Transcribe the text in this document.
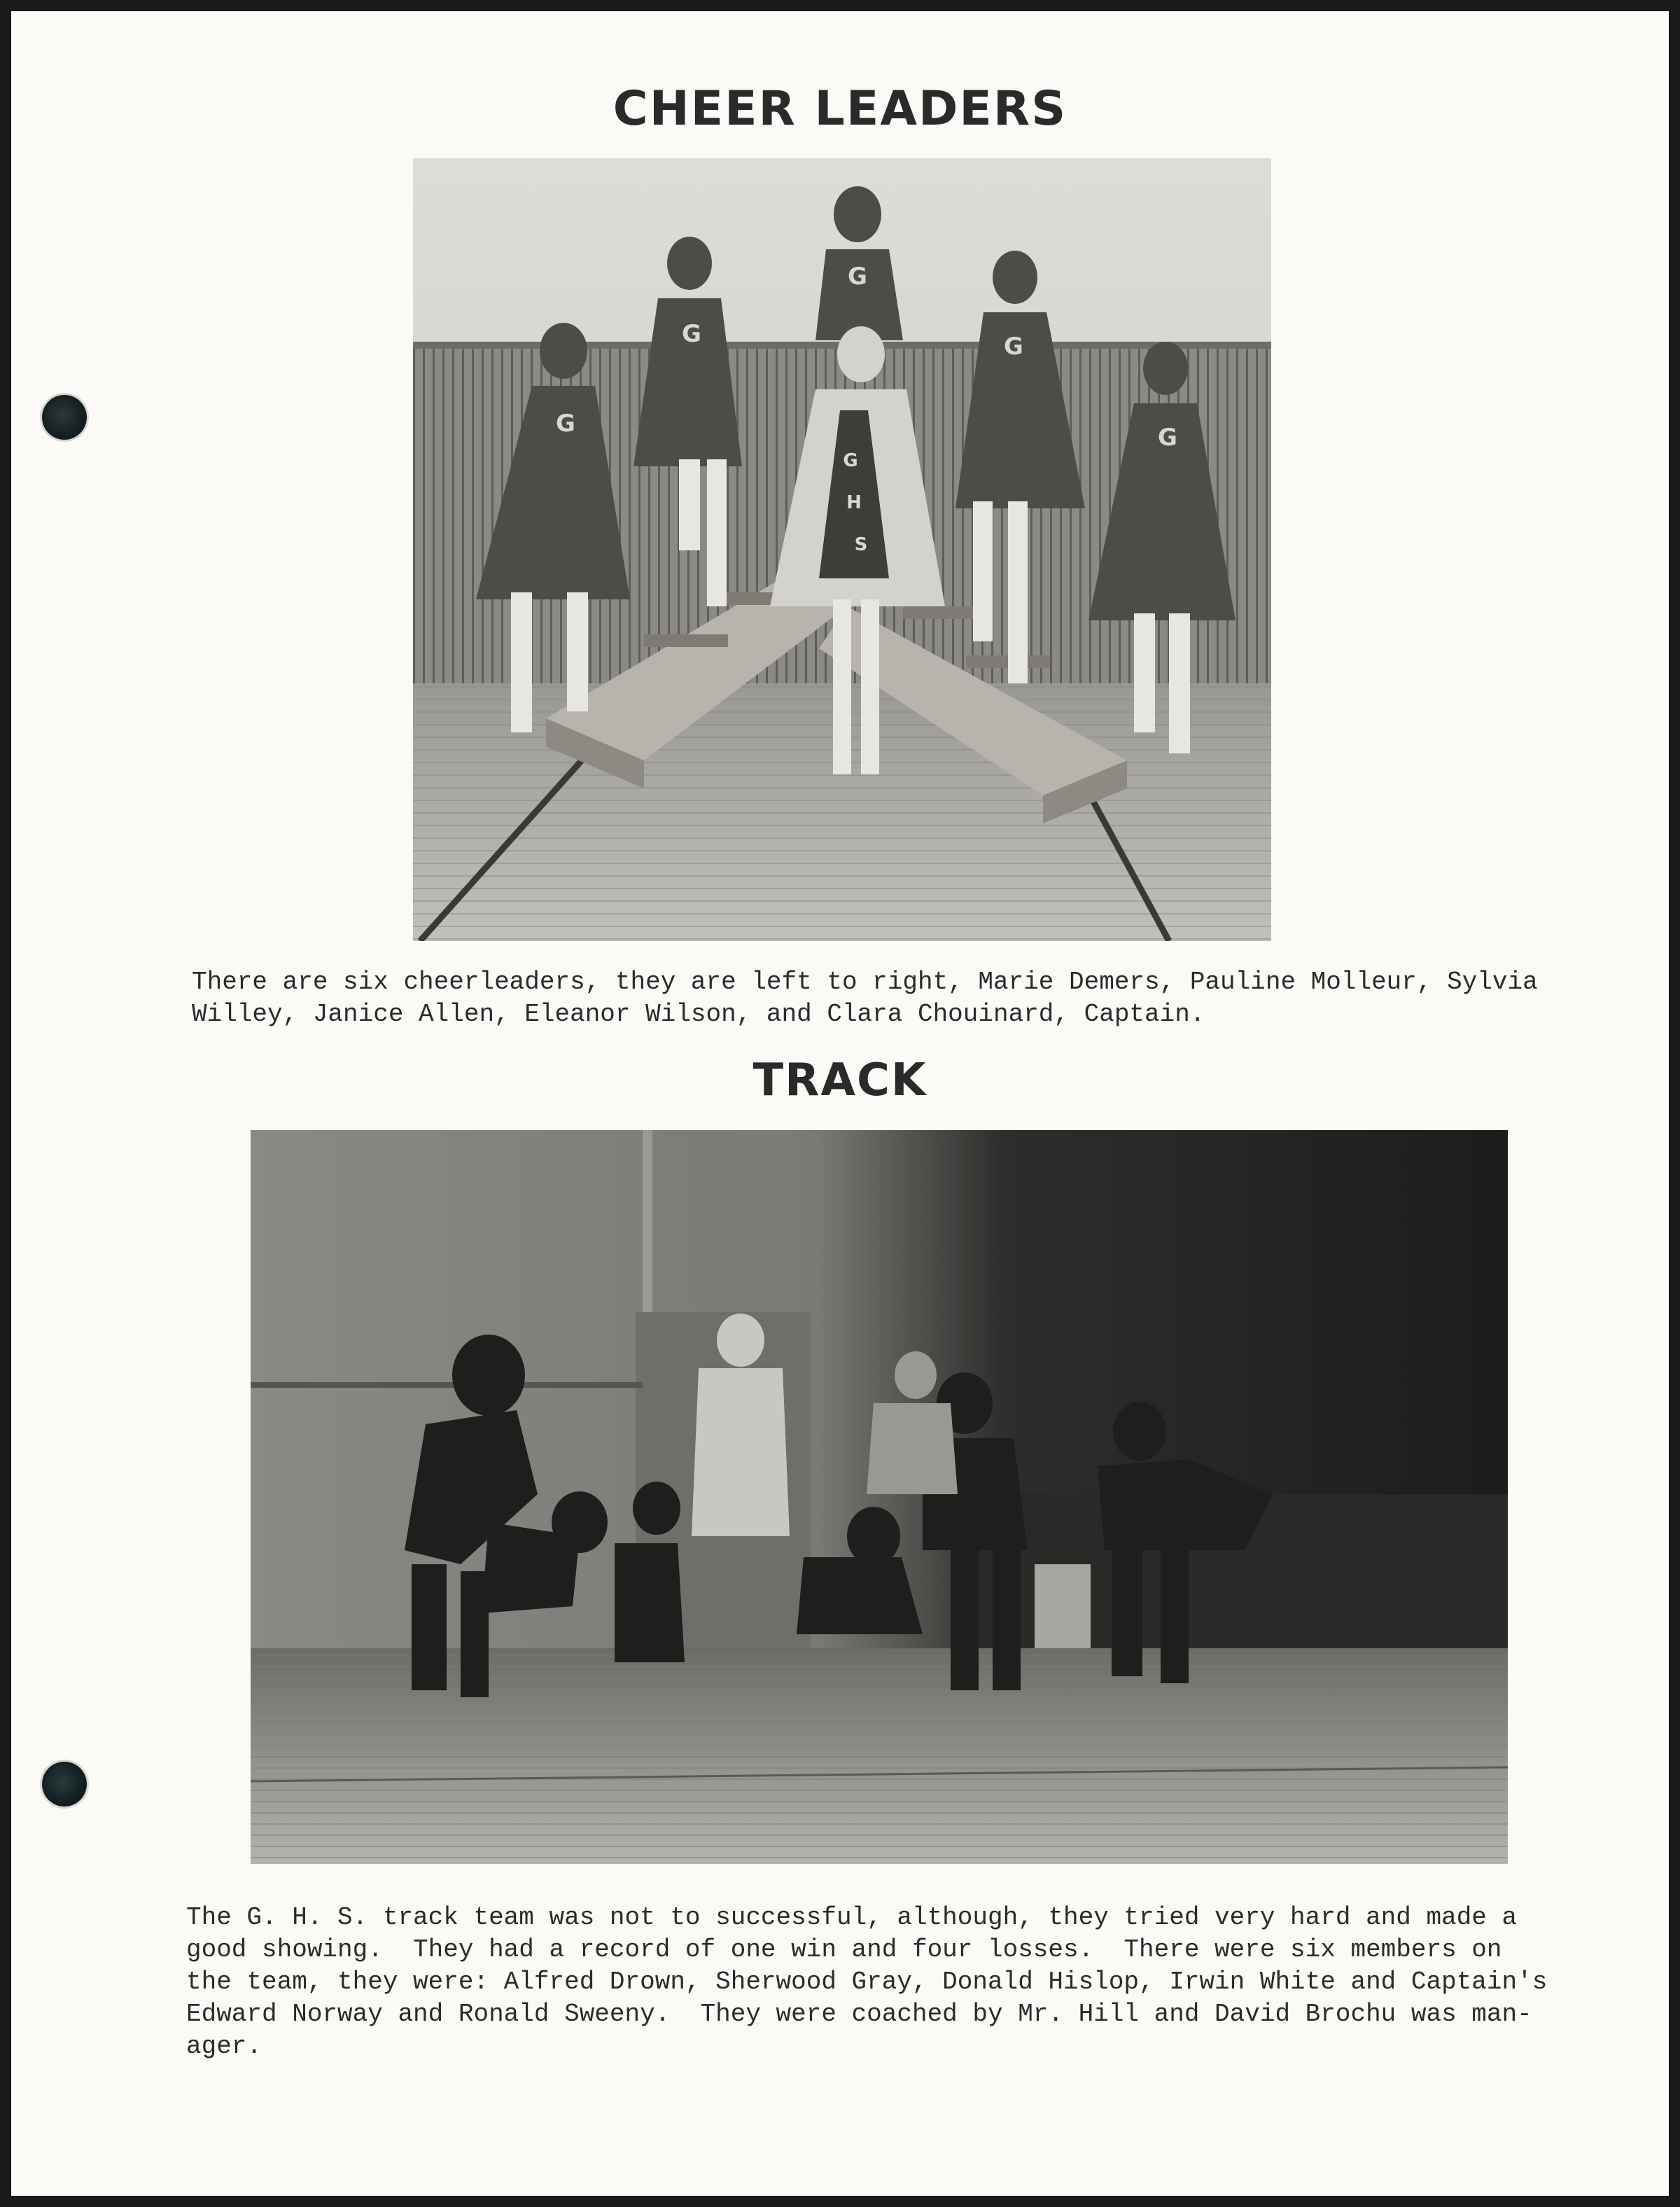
CHEER LEADERS
G
G	G
G	G
G
H
S

There are six cheerleaders, they are left to right, Marie Demers, Pauline Molleur, Sylvia
Willey, Janice Allen, Eleanor Wilson, and Clara Chouinard, Captain.

TRACK

The G. H. S. track team was not to successful, although, they tried very hard and made a
good showing.  They had a record of one win and four losses.  There were six members on
the team, they were: Alfred Drown, Sherwood Gray, Donald Hislop, Irwin White and Captain's
Edward Norway and Ronald Sweeny.  They were coached by Mr. Hill and David Brochu was man-
ager.
